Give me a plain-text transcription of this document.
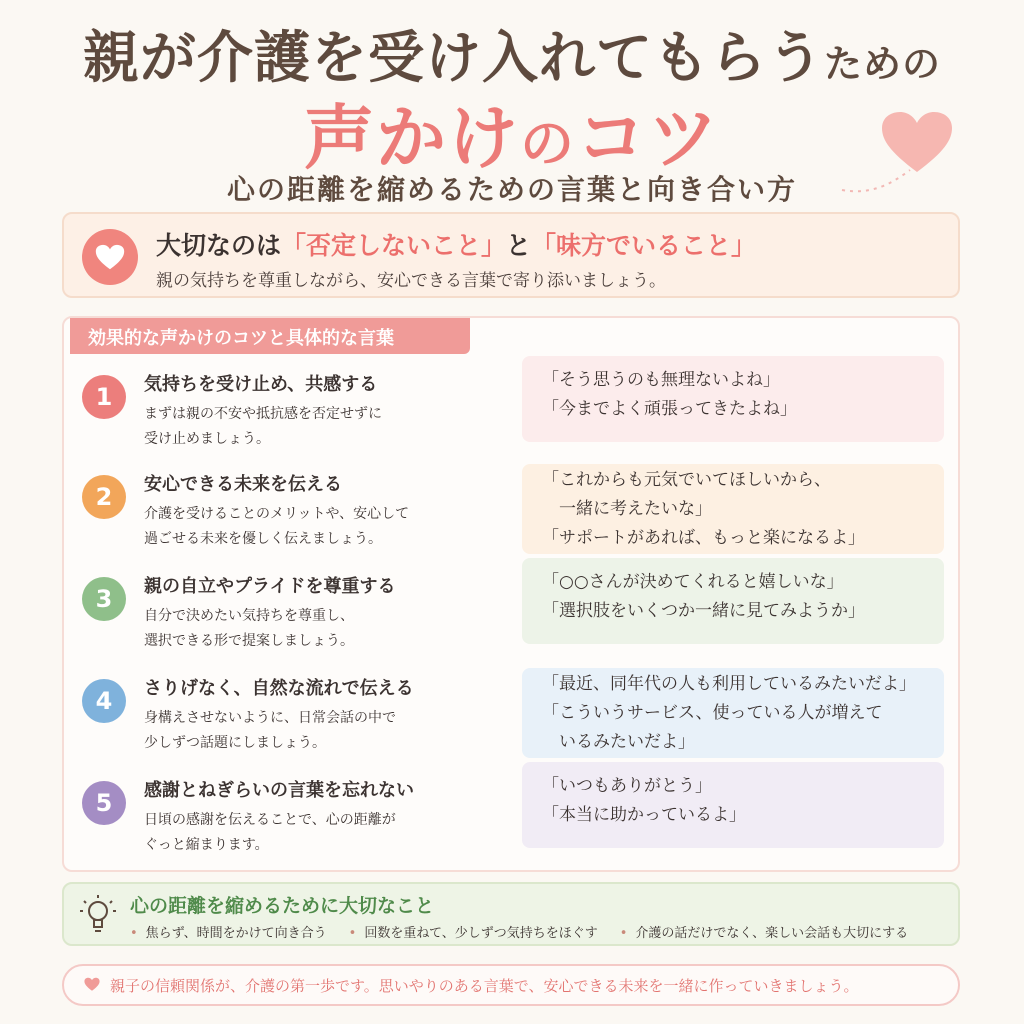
親が介護を受け入れてもらうための
声かけのコツ
心の距離を縮めるための言葉と向き合い方
大切なのは「否定しないこと」と「味方でいること」
親の気持ちを尊重しながら、安心できる言葉で寄り添いましょう。
効果的な声かけのコツと具体的な言葉
1	気持ちを受け止め、共感する
まずは親の不安や抵抗感を否定せずに
受け止めましょう。
「そう思うのも無理ないよね」
「今までよく頑張ってきたよね」
2	安心できる未来を伝える
介護を受けることのメリットや、安心して
過ごせる未来を優しく伝えましょう。
「これからも元気でいてほしいから、
　一緒に考えたいな」
「サポートがあれば、もっと楽になるよ」
3	親の自立やプライドを尊重する
自分で決めたい気持ちを尊重し、
選択できる形で提案しましょう。
「○○さんが決めてくれると嬉しいな」
「選択肢をいくつか一緒に見てみようか」
4	さりげなく、自然な流れで伝える
身構えさせないように、日常会話の中で
少しずつ話題にしましょう。
「最近、同年代の人も利用しているみたいだよ」
「こういうサービス、使っている人が増えて
　いるみたいだよ」
5	感謝とねぎらいの言葉を忘れない
日頃の感謝を伝えることで、心の距離が
ぐっと縮まります。
「いつもありがとう」
「本当に助かっているよ」
心の距離を縮めるために大切なこと
• 焦らず、時間をかけて向き合う	• 回数を重ねて、少しずつ気持ちをほぐす	• 介護の話だけでなく、楽しい会話も大切にする
親子の信頼関係が、介護の第一歩です。思いやりのある言葉で、安心できる未来を一緒に作っていきましょう。
